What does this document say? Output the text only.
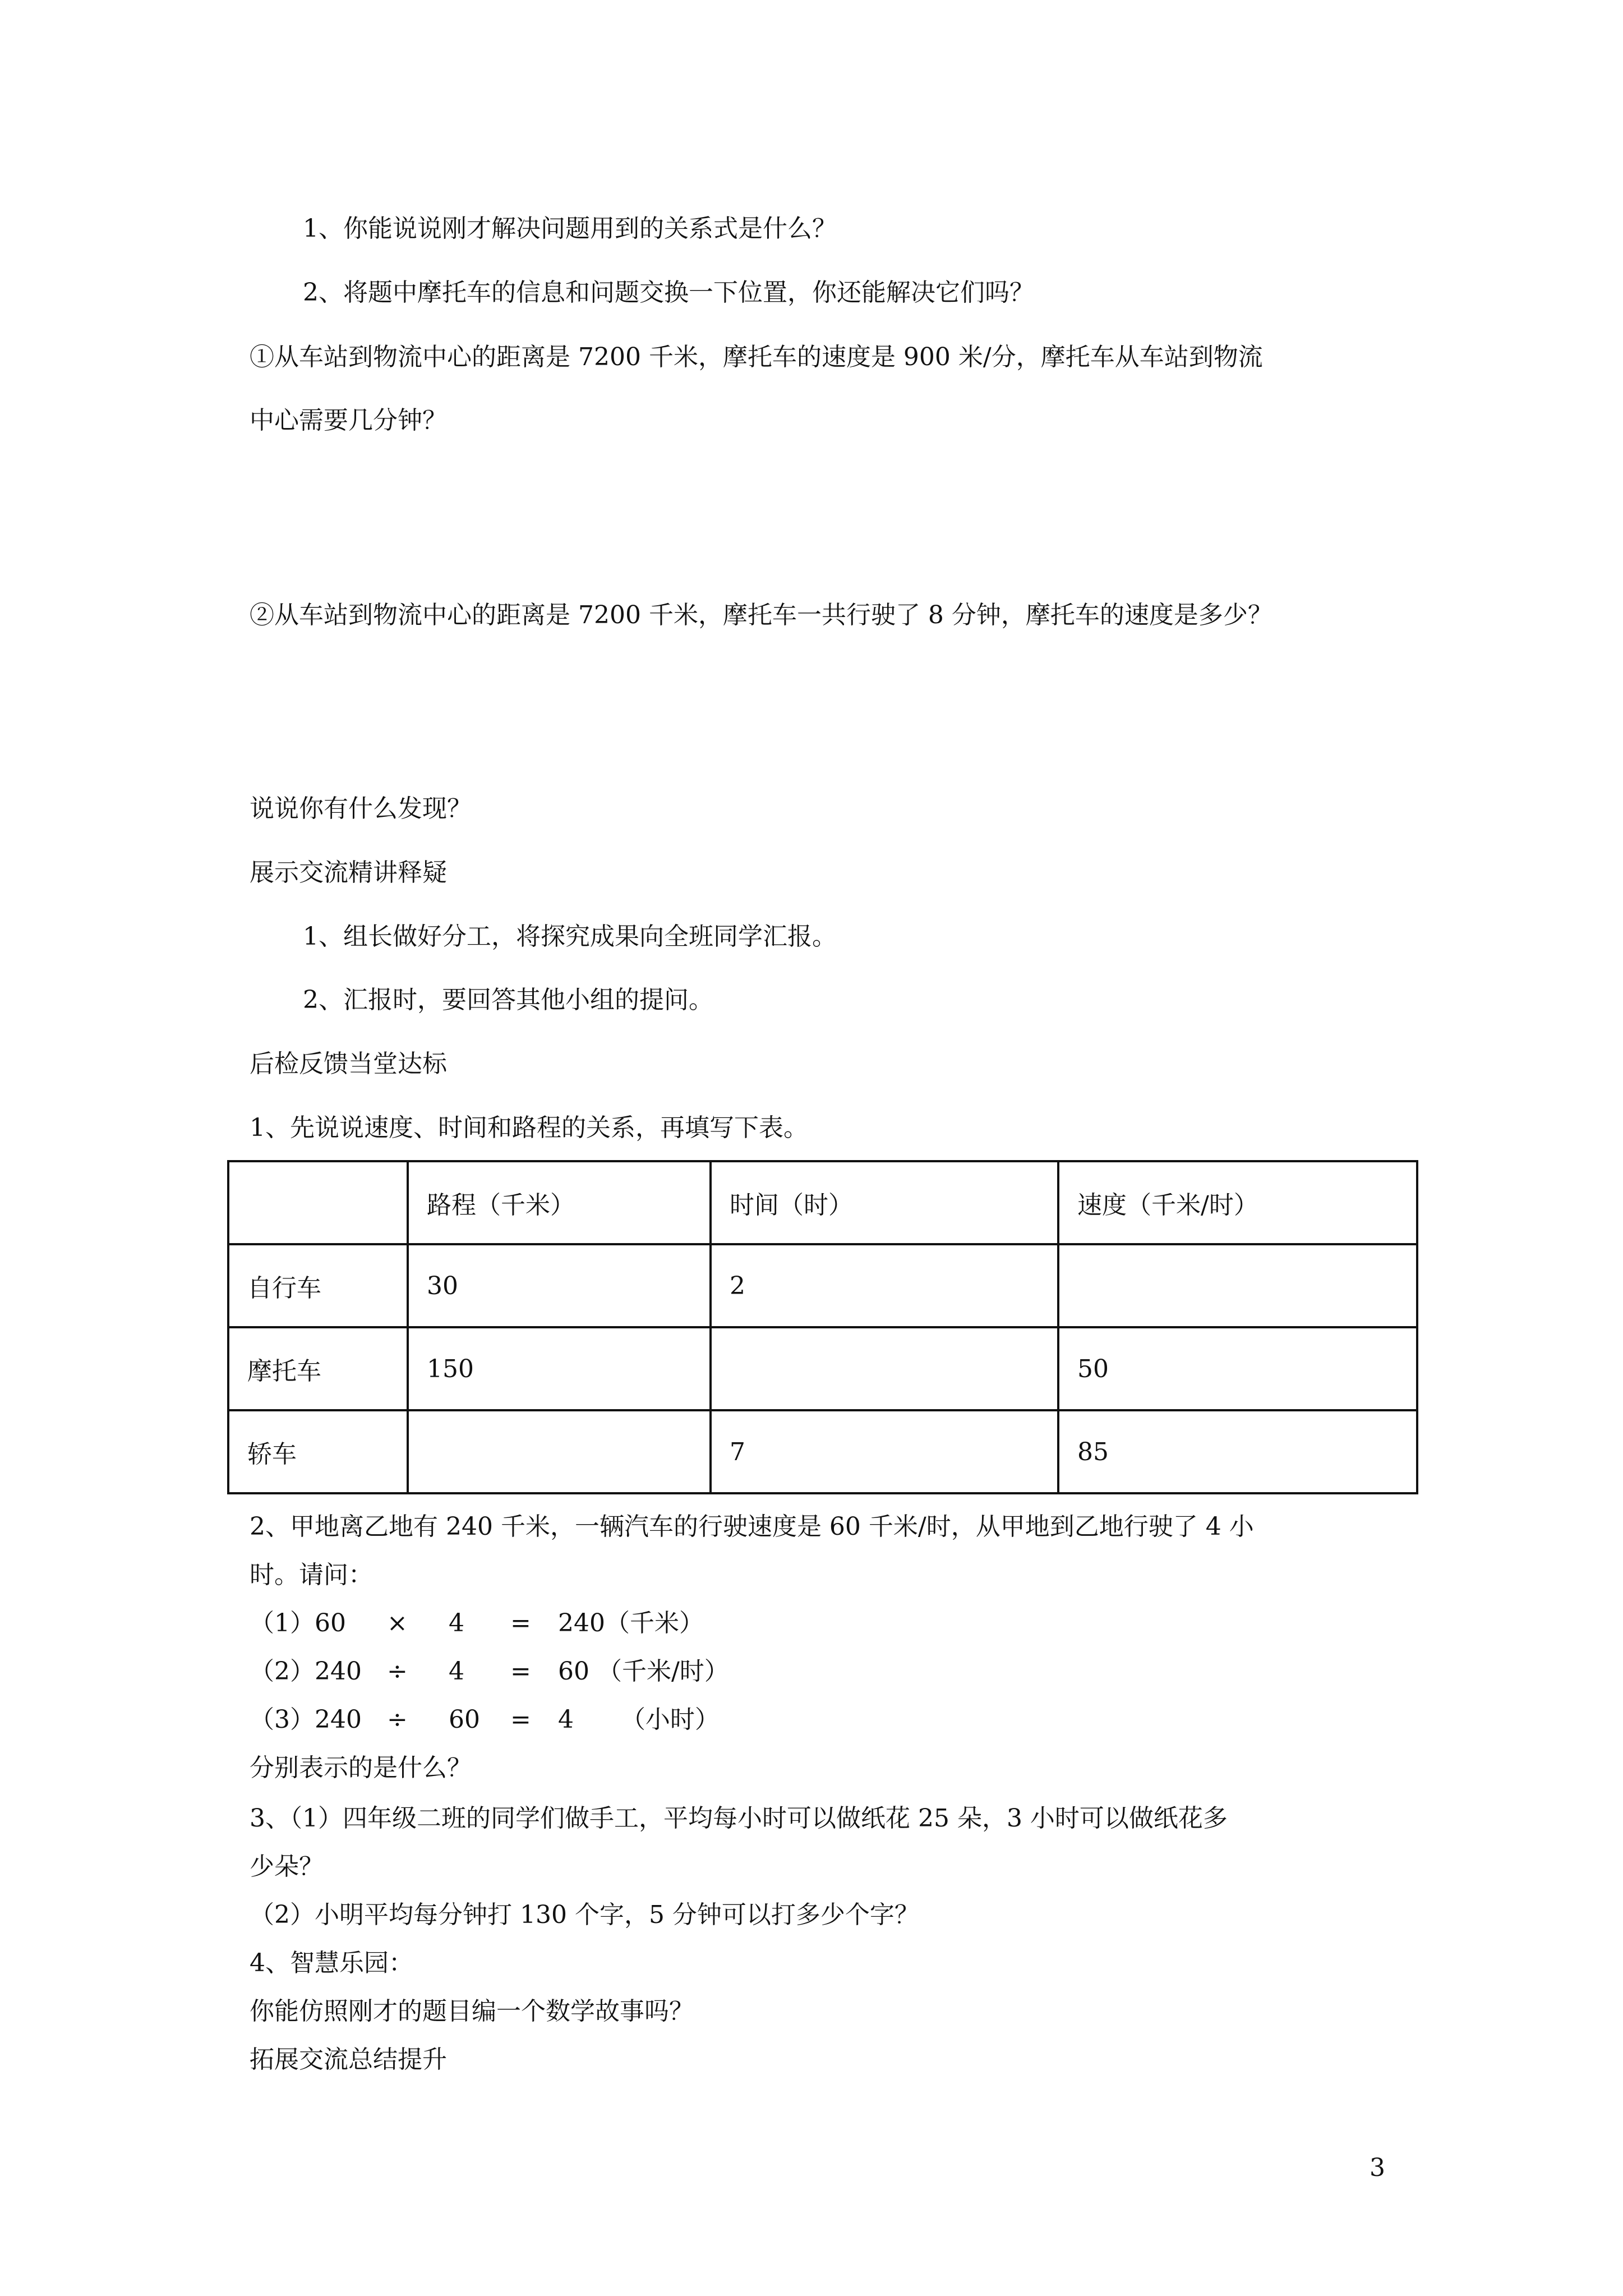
1、你能说说刚才解决问题用到的关系式是什么？
2、将题中摩托车的信息和问题交换一下位置，你还能解决它们吗？
①从车站到物流中心的距离是 7200 千米，摩托车的速度是 900 米/分，摩托车从车站到物流
中心需要几分钟？
②从车站到物流中心的距离是 7200 千米，摩托车一共行驶了 8 分钟，摩托车的速度是多少？
说说你有什么发现？
展示交流精讲释疑
1、组长做好分工，将探究成果向全班同学汇报。
2、汇报时，要回答其他小组的提问。
后检反馈当堂达标
1、先说说速度、时间和路程的关系，再填写下表。
	路程（千米）	时间（时）	速度（千米/时）
自行车	30	2	
摩托车	150		50
轿车		7	85
2、甲地离乙地有 240 千米，一辆汽车的行驶速度是 60 千米/时，从甲地到乙地行驶了 4 小
时。请问：
（1）60 × 4 = 240（千米）
（2）240 ÷ 4 = 60 （千米/时）
（3）240 ÷ 60 = 4      （小时）
分别表示的是什么？
3、（1）四年级二班的同学们做手工，平均每小时可以做纸花 25 朵，3 小时可以做纸花多
少朵？
（2）小明平均每分钟打 130 个字，5 分钟可以打多少个字？
4、智慧乐园：
你能仿照刚才的题目编一个数学故事吗？
拓展交流总结提升
3
